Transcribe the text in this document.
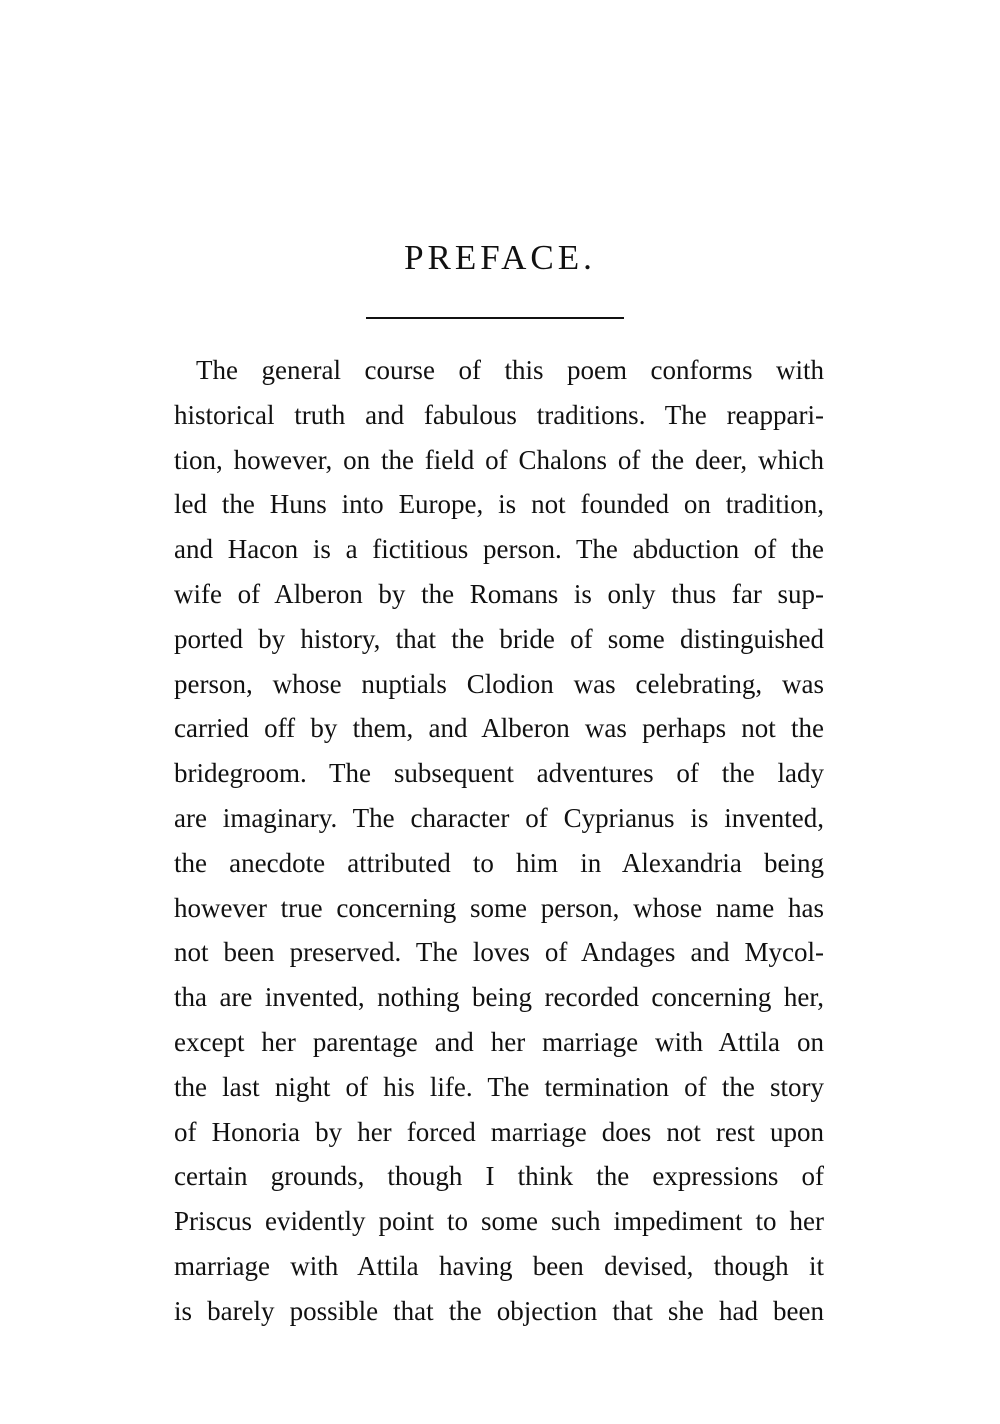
PREFACE.
The general course of this poem conforms with
historical truth and fabulous traditions. The reappari-
tion, however, on the field of Chalons of the deer, which
led the Huns into Europe, is not founded on tradition,
and Hacon is a fictitious person. The abduction of the
wife of Alberon by the Romans is only thus far sup-
ported by history, that the bride of some distinguished
person, whose nuptials Clodion was celebrating, was
carried off by them, and Alberon was perhaps not the
bridegroom. The subsequent adventures of the lady
are imaginary. The character of Cyprianus is invented,
the anecdote attributed to him in Alexandria being
however true concerning some person, whose name has
not been preserved. The loves of Andages and Mycol-
tha are invented, nothing being recorded concerning her,
except her parentage and her marriage with Attila on
the last night of his life. The termination of the story
of Honoria by her forced marriage does not rest upon
certain grounds, though I think the expressions of
Priscus evidently point to some such impediment to her
marriage with Attila having been devised, though it
is barely possible that the objection that she had been
